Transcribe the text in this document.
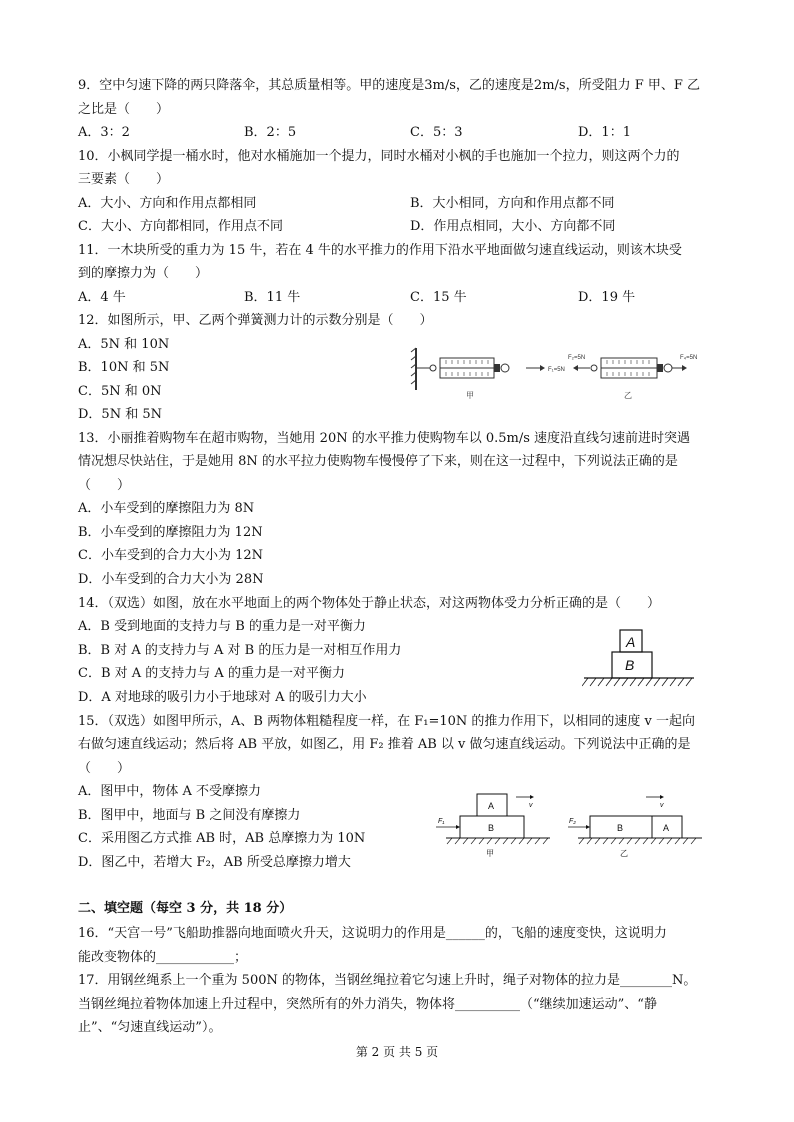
9．空中匀速下降的两只降落伞，其总质量相等。甲的速度是3m/s，乙的速度是2m/s，所受阻力 F 甲、F 乙
之比是（　　）
A．3：2	B．2：5	C．5：3	D．1：1
10．小枫同学提一桶水时，他对水桶施加一个提力，同时水桶对小枫的手也施加一个拉力，则这两个力的
三要素（　　）
A．大小、方向和作用点都相同	B．大小相同，方向和作用点都不同
C．大小、方向都相同，作用点不同	D．作用点相同，大小、方向都不同
11．一木块所受的重力为 15 牛，若在 4 牛的水平推力的作用下沿水平地面做匀速直线运动，则该木块受
到的摩擦力为（　　）
A．4 牛	B．11 牛	C．15 牛	D．19 牛
12．如图所示，甲、乙两个弹簧测力计的示数分别是（　　）
A．5N 和 10N
B．10N 和 5N
C．5N 和 0N
D．5N 和 5N
F₁=5N
F₂=5N	F₄=5N
甲	乙
13．小丽推着购物车在超市购物，当她用 20N 的水平推力使购物车以 0.5m/s 速度沿直线匀速前进时突遇
情况想尽快站住，于是她用 8N 的水平拉力使购物车慢慢停了下来，则在这一过程中，下列说法正确的是
（　　）
A．小车受到的摩擦阻力为 8N
B．小车受到的摩擦阻力为 12N
C．小车受到的合力大小为 12N
D．小车受到的合力大小为 28N
14．（双选）如图，放在水平地面上的两个物体处于静止状态，对这两物体受力分析正确的是（　　）
A．B 受到地面的支持力与 B 的重力是一对平衡力
B．B 对 A 的支持力与 A 对 B 的压力是一对相互作用力
C．B 对 A 的支持力与 A 的重力是一对平衡力
D．A 对地球的吸引力小于地球对 A 的吸引力大小
A
B
15．（双选）如图甲所示，A、B 两物体粗糙程度一样，在 F₁=10N 的推力作用下，以相同的速度 v 一起向
右做匀速直线运动；然后将 AB 平放，如图乙，用 F₂ 推着 AB 以 v 做匀速直线运动。下列说法中正确的是
（　　）
A．图甲中，物体 A 不受摩擦力
B．图甲中，地面与 B 之间没有摩擦力
C．采用图乙方式推 AB 时，AB 总摩擦力为 10N
D．图乙中，若增大 F₂，AB 所受总摩擦力增大
A	v
B
F₁
甲
v
B	A
F₂
乙
二、填空题（每空 3 分，共 18 分）
16．“天宫一号”飞船助推器向地面喷火升天，这说明力的作用是______的，飞船的速度变快，这说明力
能改变物体的____________；
17．用钢丝绳系上一个重为 500N 的物体，当钢丝绳拉着它匀速上升时，绳子对物体的拉力是________N。
当钢丝绳拉着物体加速上升过程中，突然所有的外力消失，物体将__________（“继续加速运动”、“静
止”、“匀速直线运动”）。
第 2 页 共 5 页
